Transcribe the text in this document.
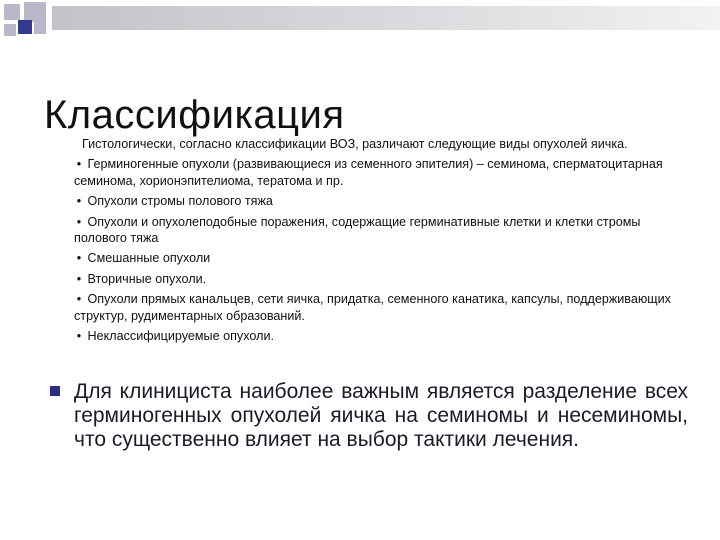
Классификация

Гистологически, согласно классификации ВОЗ, различают следующие виды опухолей яичка.

• Герминогенные опухоли (развивающиеся из семенного эпителия) – семинома, сперматоцитарная семинома, хорионэпителиома, тератома и пр.

• Опухоли стромы полового тяжа

• Опухоли и опухолеподобные поражения, содержащие герминативные клетки и клетки стромы полового тяжа

• Смешанные опухоли

• Вторичные опухоли.

• Опухоли прямых канальцев, сети яичка, придатка, семенного канатика, капсулы, поддерживающих структур, рудиментарных образований.

• Неклассифицируемые опухоли.

Для клинициста наиболее важным является разделение всех герминогенных опухолей яичка на семиномы и несеминомы, что существенно влияет на выбор тактики лечения.
